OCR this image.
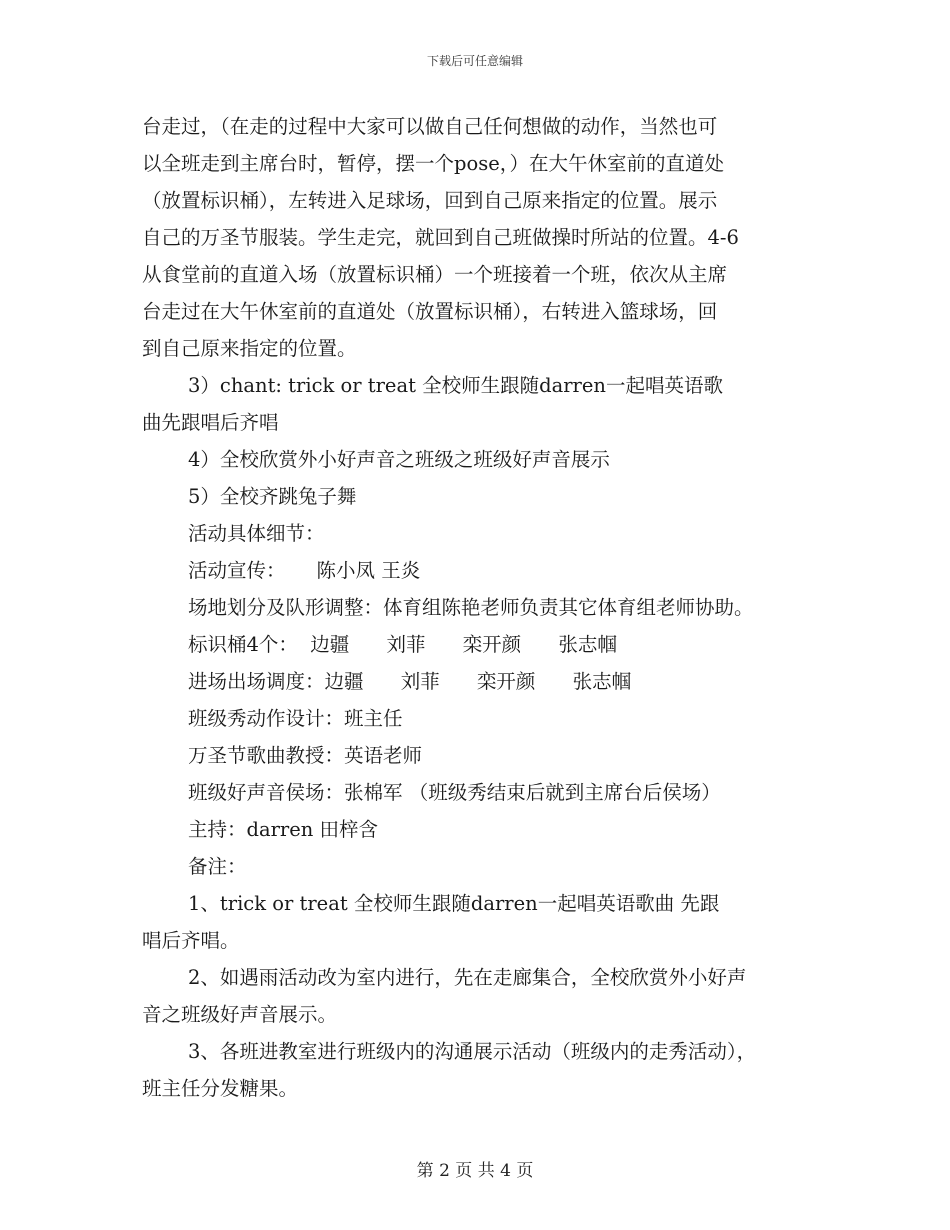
下载后可任意编辑
台走过，（在走的过程中大家可以做自己任何想做的动作，当然也可
以全班走到主席台时，暂停，摆一个pose，）在大午休室前的直道处
（放置标识桶），左转进入足球场，回到自己原来指定的位置。展示
自己的万圣节服装。学生走完，就回到自己班做操时所站的位置。4-6
从食堂前的直道入场（放置标识桶）一个班接着一个班，依次从主席
台走过在大午休室前的直道处（放置标识桶），右转进入篮球场，回
到自己原来指定的位置。
3）chant: trick or treat 全校师生跟随darren一起唱英语歌
曲先跟唱后齐唱
4）全校欣赏外小好声音之班级之班级好声音展示
5）全校齐跳兔子舞
活动具体细节：
活动宣传：     陈小凤 王炎
场地划分及队形调整：体育组陈艳老师负责其它体育组老师协助。
标识桶4个：  边疆      刘菲      栾开颜      张志帼
进场出场调度：边疆      刘菲      栾开颜      张志帼
班级秀动作设计：班主任
万圣节歌曲教授：英语老师
班级好声音侯场：张棉军 （班级秀结束后就到主席台后侯场）
主持：darren 田梓含
备注：
1、trick or treat 全校师生跟随darren一起唱英语歌曲 先跟
唱后齐唱。
2、如遇雨活动改为室内进行，先在走廊集合，全校欣赏外小好声
音之班级好声音展示。
3、各班进教室进行班级内的沟通展示活动（班级内的走秀活动），
班主任分发糖果。
第 2 页 共 4 页
